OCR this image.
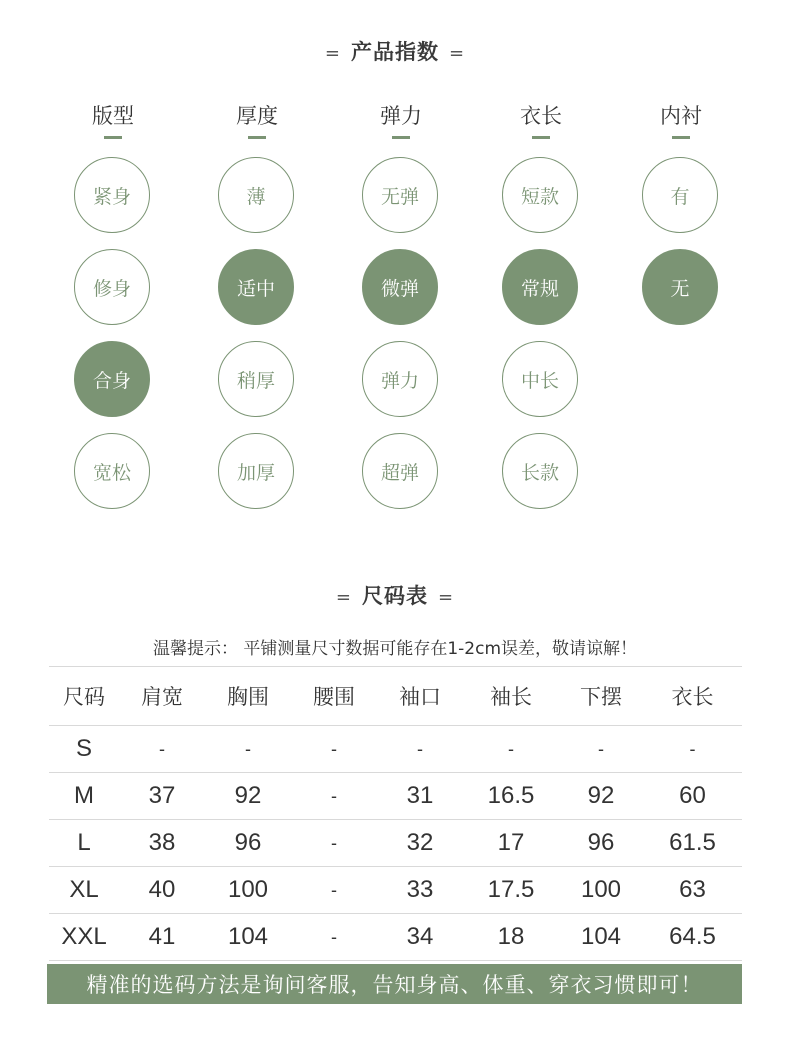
= 产品指数 =
版型
紧身
修身
合身
宽松
厚度
薄
适中
稍厚
加厚
弹力
无弹
微弹
弹力
超弹
衣长
短款
常规
中长
长款
内衬
有
无
= 尺码表 =
温馨提示： 平铺测量尺寸数据可能存在1-2cm误差，敬请谅解！
尺码	肩宽	胸围	腰围	袖口	袖长	下摆	衣长
S	-	-	-	-	-	-	-
M	37	92	-	31	16.5	92	60
L	38	96	-	32	17	96	61.5
XL	40	100	-	33	17.5	100	63
XXL	41	104	-	34	18	104	64.5
精准的选码方法是询问客服，告知身高、体重、穿衣习惯即可！
